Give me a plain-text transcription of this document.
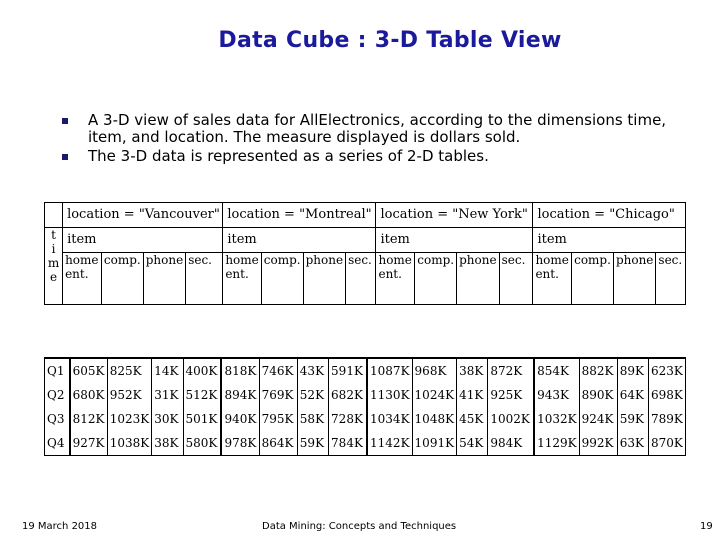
Data Cube : 3-D Table View
A 3-D view of sales data for AllElectronics, according to the dimensions time, item, and location. The measure displayed is dollars sold.
The 3-D data is represented as a series of 2-D tables.
	location = "Vancouver"				location = "Montreal"				location = "New York"				location = "Chicago"			

t
i
m
e	item				item				item				item			
	home ent.	comp.	phone	sec.	home ent.	comp.	phone	sec.	home ent.	comp.	phone	sec.	home ent.	comp.	phone	sec.

Q1	605K	825K	14K	400K	818K	746K	43K	591K	1087K	968K	38K	872K	854K	882K	89K	623K
Q2	680K	952K	31K	512K	894K	769K	52K	682K	1130K	1024K	41K	925K	943K	890K	64K	698K
Q3	812K	1023K	30K	501K	940K	795K	58K	728K	1034K	1048K	45K	1002K	1032K	924K	59K	789K
Q4	927K	1038K	38K	580K	978K	864K	59K	784K	1142K	1091K	54K	984K	1129K	992K	63K	870K
19 March 2018	Data Mining: Concepts and Techniques	19
